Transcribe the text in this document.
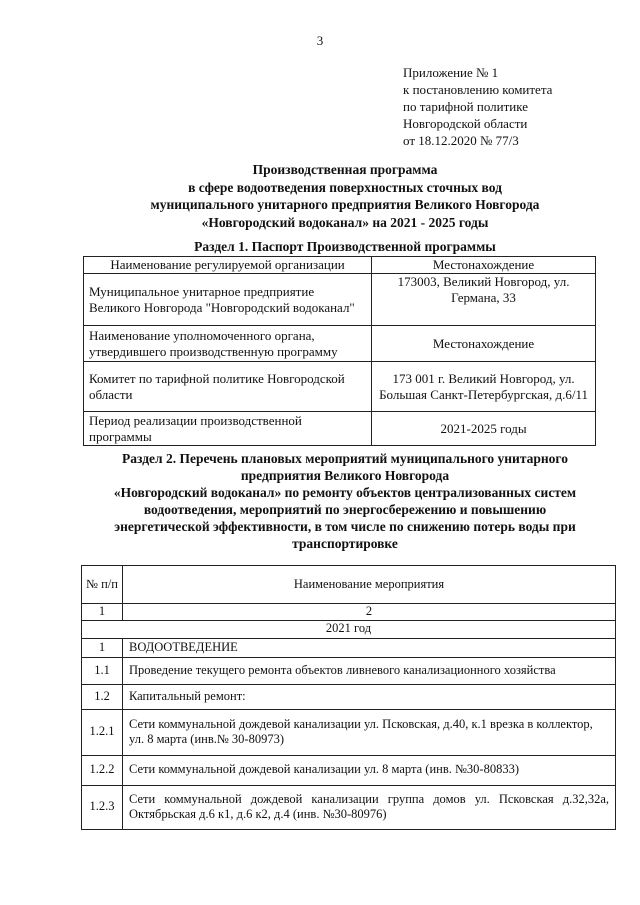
3
Приложение № 1
к постановлению комитета
по тарифной политике
Новгородской области
от 18.12.2020 № 77/3
Производственная программа
в сфере водоотведения поверхностных сточных вод
муниципального унитарного предприятия Великого Новгорода
«Новгородский водоканал» на 2021 - 2025 годы
Раздел 1. Паспорт Производственной программы
Наименование регулируемой организации	Местонахождение
Муниципальное унитарное предприятие Великого Новгорода "Новгородский водоканал"	173003, Великий Новгород, ул. Германа, 33
Наименование уполномоченного органа, утвердившего производственную программу	Местонахождение
Комитет по тарифной политике Новгородской области	173 001 г. Великий Новгород, ул. Большая Санкт-Петербургская, д.6/11
Период реализации производственной программы	2021-2025 годы
Раздел 2. Перечень плановых мероприятий муниципального унитарного
предприятия Великого Новгорода
«Новгородский водоканал» по ремонту объектов централизованных систем
водоотведения, мероприятий по энергосбережению и повышению
энергетической эффективности, в том числе по снижению потерь воды при
транспортировке
№ п/п	Наименование мероприятия
1	2
2021 год	
1	ВОДООТВЕДЕНИЕ
1.1	Проведение текущего ремонта объектов ливневого канализационного хозяйства
1.2	Капитальный ремонт:
1.2.1	Сети коммунальной дождевой канализации ул. Псковская, д.40, к.1 врезка в коллектор, ул. 8 марта (инв.№ 30-80973)
1.2.2	Сети коммунальной дождевой канализации ул. 8 марта (инв. №30-80833)
1.2.3	Сети коммунальной дождевой канализации группа домов ул. Псковская д.32,32а, Октябрьская д.6 к1, д.6 к2, д.4 (инв. №30-80976)
